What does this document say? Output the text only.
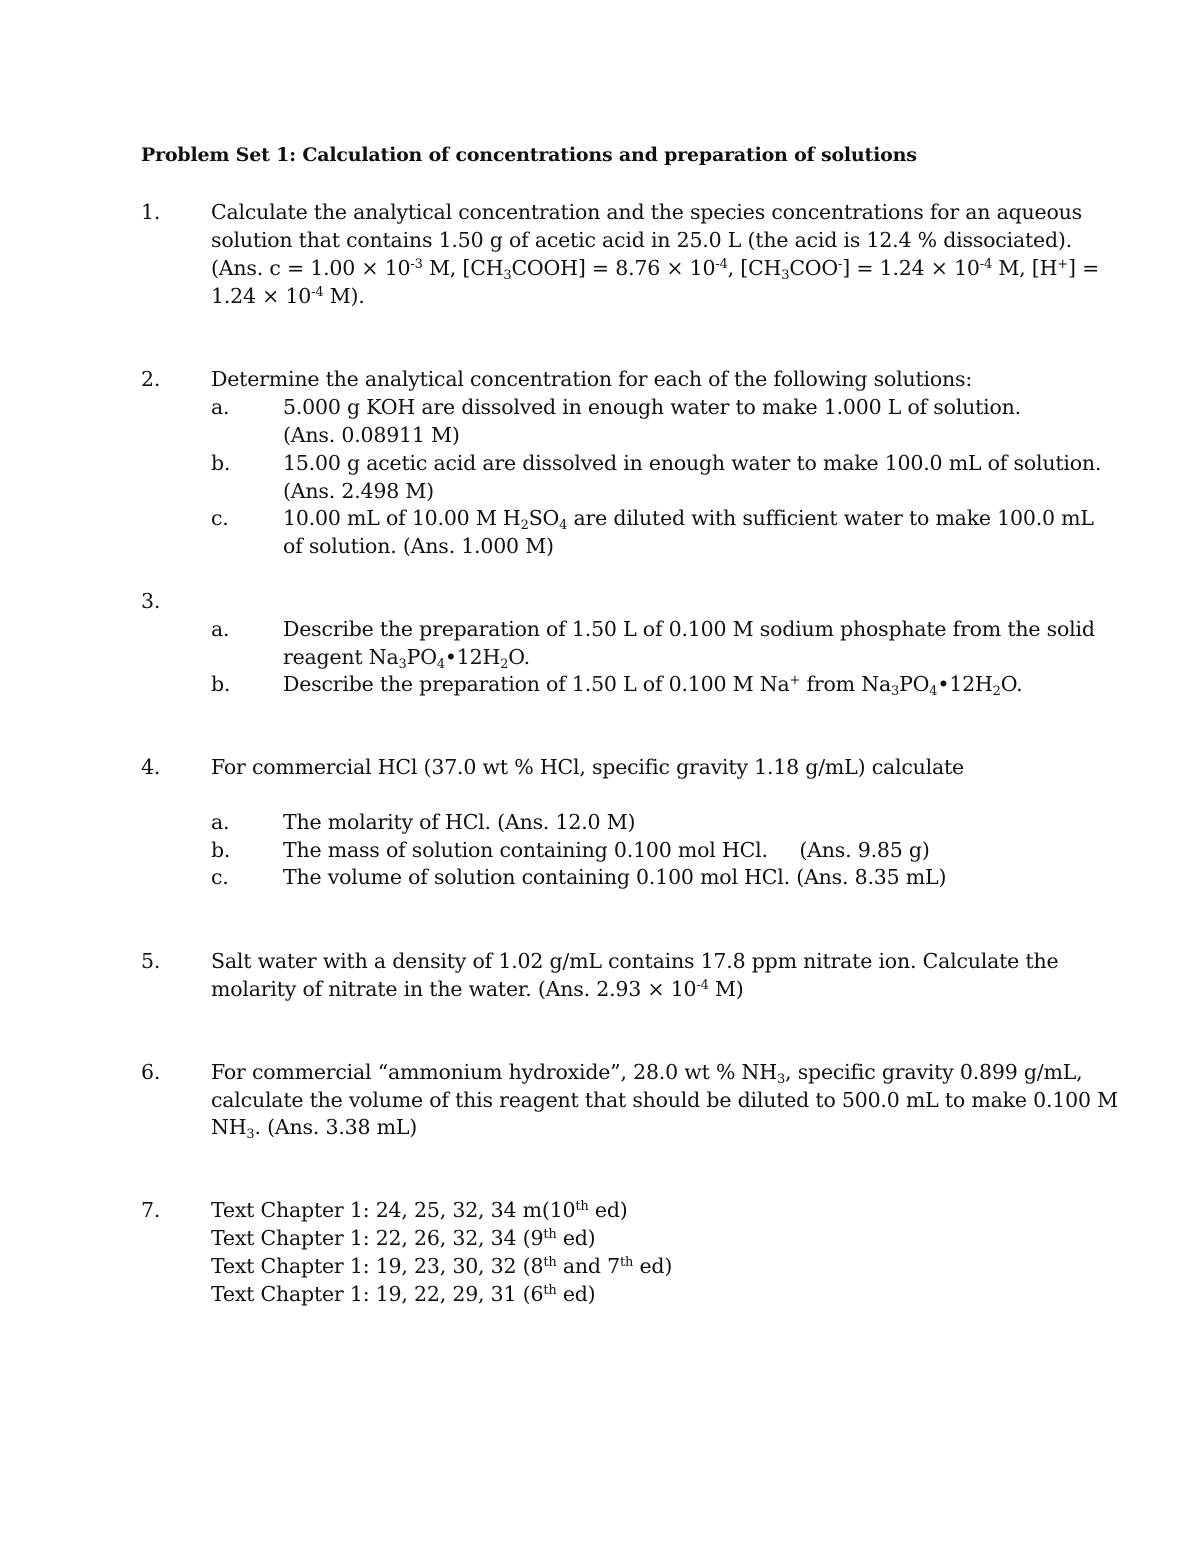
Problem Set 1: Calculation of concentrations and preparation of solutions
1. Calculate the analytical concentration and the species concentrations for an aqueous
solution that contains 1.50 g of acetic acid in 25.0 L (the acid is 12.4 % dissociated).
(Ans. $c = 1.00 \times 10^{-3}$ M, [CH3COOH] = $8.76 \times 10^{-4}$, $[CH3COO^-] = 1.24 \times 10^{-4}$ M, [H+] =
$1.24 \times 10^{-4}$ M).
2. Determine the analytical concentration for each of the following solutions:
a.	5.000 g KOH are dissolved in enough water to make 1.000 L of solution.
(Ans. 0.08911 M)
b.	15.00 g acetic acid are dissolved in enough water to make 100.0 mL of solution.
(Ans. 2.498 M)
c.	10.00 mL of 10.00 M $H_2SO_4$ are diluted with sufficient water to make 100.0 mL
of solution. (Ans. 1.000 M)
3.
a.	Describe the preparation of 1.50 L of 0.100 M sodium phosphate from the solid
reagent $Na_3PO_4•12H_2O$.
b.	Describe the preparation of 1.50 L of 0.100 M Na+ from $Na_3PO_4•12H_2O$.
4. For commercial HCl (37.0 wt % HCl, specific gravity 1.18 g/mL) calculate
a.	The molarity of HCl. (Ans. 12.0 M)
b.	The mass of solution containing 0.100 mol HCl.     (Ans. 9.85 g)
c.	The volume of solution containing 0.100 mol HCl. (Ans. 8.35 mL)
5. Salt water with a density of 1.02 g/mL contains 17.8 ppm nitrate ion. Calculate the
molarity of nitrate in the water. (Ans. $2.93 \times 10^{-4}$ M)
6. For commercial “ammonium hydroxide”, 28.0 wt % $NH_3$, specific gravity 0.899 g/mL,
calculate the volume of this reagent that should be diluted to 500.0 mL to make 0.100 M
$NH_3$. (Ans. 3.38 mL)
7. Text Chapter 1: 24, 25, 32, 34 m(10th ed)
Text Chapter 1: 22, 26, 32, 34 (9th ed)
Text Chapter 1: 19, 23, 30, 32 (8th and 7th ed)
Text Chapter 1: 19, 22, 29, 31 (6th ed)
